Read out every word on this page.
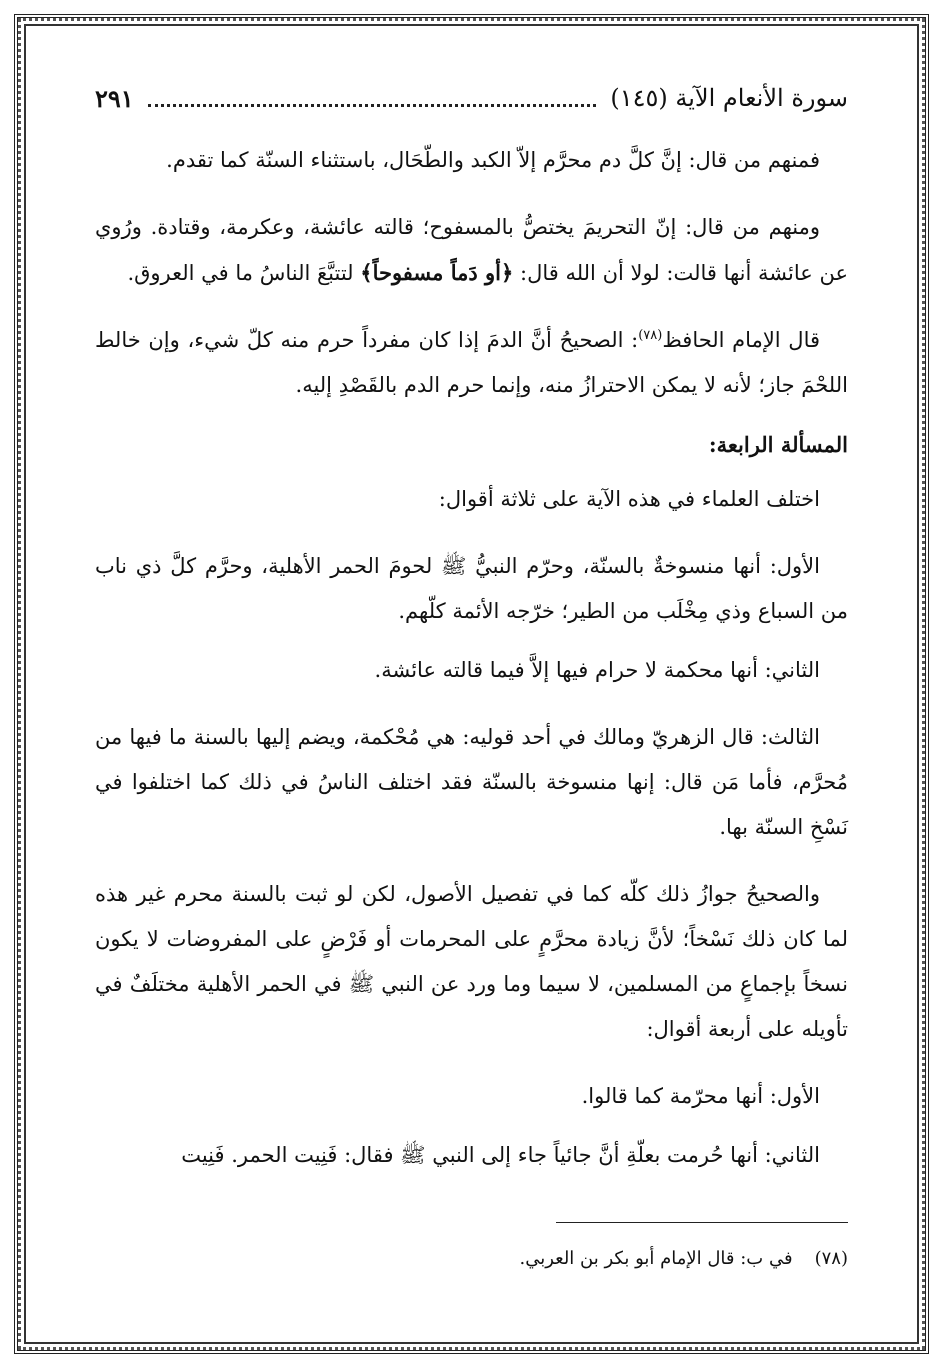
سورة الأنعام الآية (١٤٥)
٢٩١

فمنهم من قال: إنَّ كلَّ دم محرَّم إلاّ الكبد والطّحَال، باستثناء السنّة كما تقدم.

ومنهم من قال: إنّ التحريمَ يختصُّ بالمسفوح؛ قالته عائشة، وعكرمة، وقتادة. ورُوي عن عائشة أنها قالت: لولا أن الله قال: ﴿أو دَماً مسفوحاً﴾ لتتبَّعَ الناسُ ما في العروق.

قال الإمام الحافظ$^{(٧٨)}$: الصحيحُ أنَّ الدمَ إذا كان مفرداً حرم منه كلّ شيء، وإن خالط اللحْمَ جاز؛ لأنه لا يمكن الاحترازُ منه، وإنما حرم الدم بالقَصْدِ إليه.

المسألة الرابعة:

اختلف العلماء في هذه الآية على ثلاثة أقوال:

الأول: أنها منسوخةٌ بالسنّة، وحرّم النبيُّ ﷺ لحومَ الحمر الأهلية، وحرَّم كلَّ ذي ناب من السباع وذي مِخْلَب من الطير؛ خرّجه الأئمة كلّهم.

الثاني: أنها محكمة لا حرام فيها إلاَّ فيما قالته عائشة.

الثالث: قال الزهريّ ومالك في أحد قوليه: هي مُحْكمة، ويضم إليها بالسنة ما فيها من مُحرَّم، فأما مَن قال: إنها منسوخة بالسنّة فقد اختلف الناسُ في ذلك كما اختلفوا في نَسْخِ السنّة بها.

والصحيحُ جوازُ ذلك كلّه كما في تفصيل الأصول، لكن لو ثبت بالسنة محرم غير هذه لما كان ذلك نَسْخاً؛ لأنَّ زيادة محرَّمٍ على المحرمات أو فَرْضٍ على المفروضات لا يكون نسخاً بإجماعٍ من المسلمين، لا سيما وما ورد عن النبي ﷺ في الحمر الأهلية مختلَفٌ في تأويله على أربعة أقوال:

الأول: أنها محرّمة كما قالوا.

الثاني: أنها حُرمت بعلّةِ أنَّ جائياً جاء إلى النبي ﷺ فقال: فَنِيت الحمر. فَنِيت

(٧٨)
في ب: قال الإمام أبو بكر بن العربي.
